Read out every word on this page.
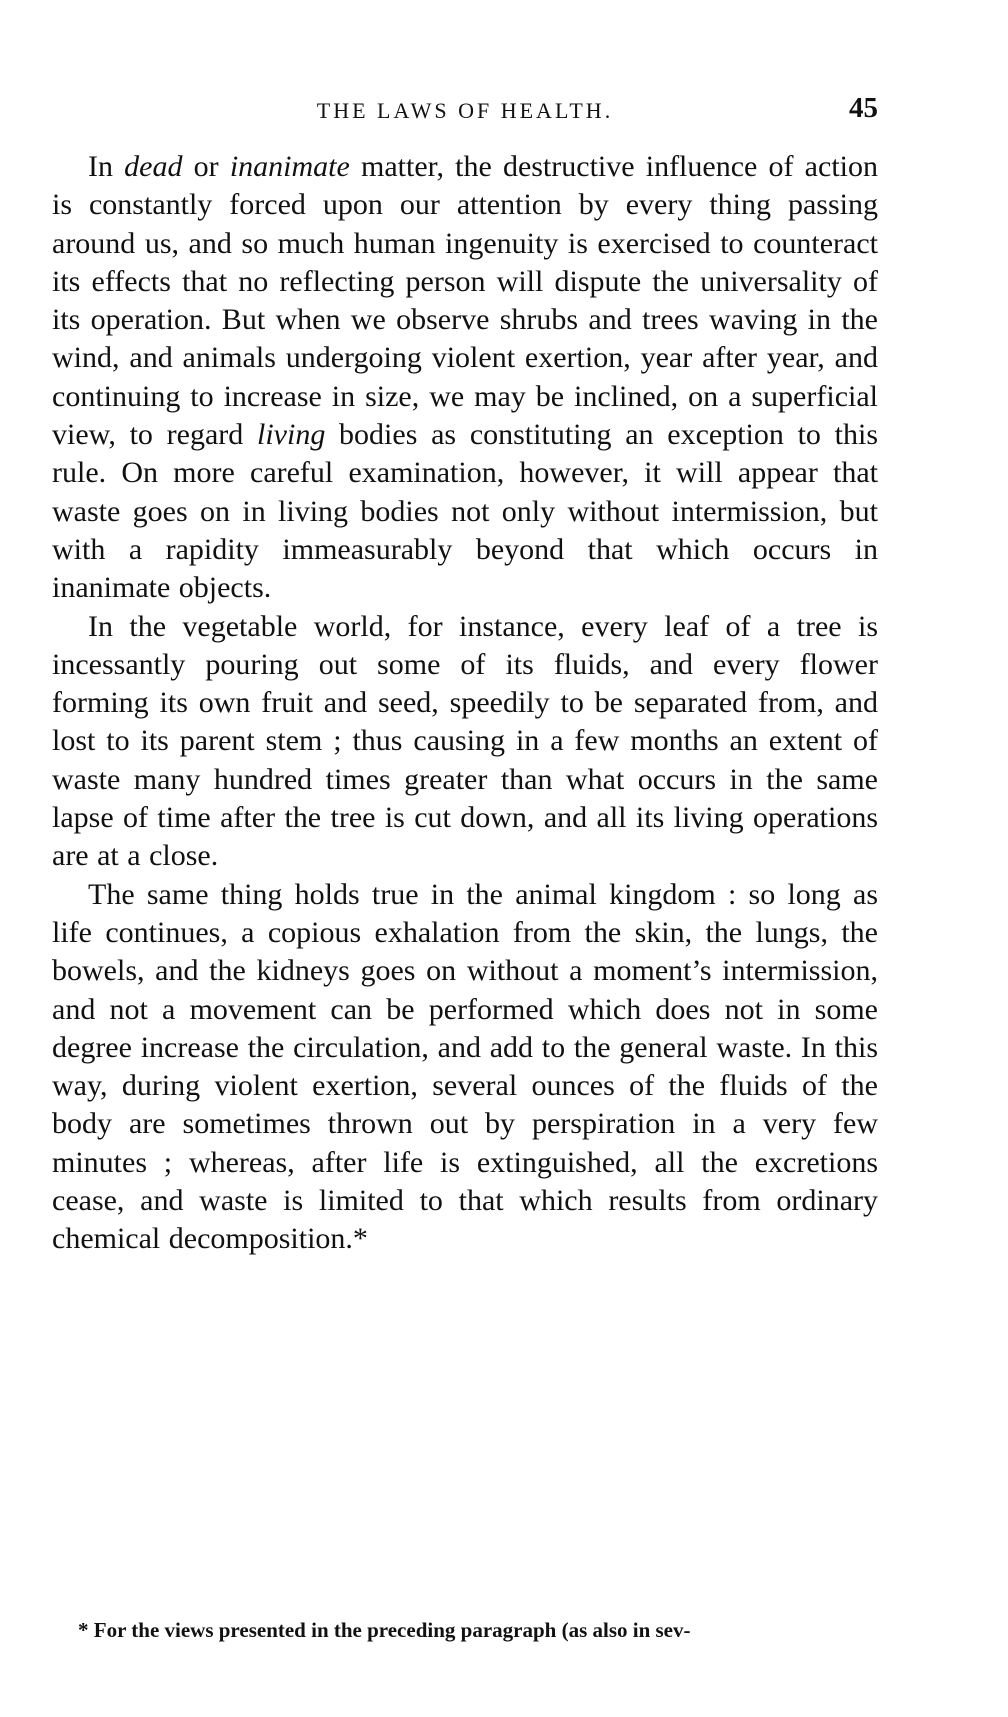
THE LAWS OF HEALTH.	45

In dead or inanimate matter, the destructive influence of action is constantly forced upon our attention by every thing passing around us, and so much human ingenuity is exercised to counteract its effects that no reflecting person will dispute the universality of its operation. But when we observe shrubs and trees waving in the wind, and animals undergoing violent exertion, year after year, and continuing to increase in size, we may be inclined, on a superficial view, to regard living bodies as constituting an exception to this rule. On more careful examination, however, it will appear that waste goes on in living bodies not only without intermission, but with a rapidity immeasurably beyond that which occurs in inanimate objects.

In the vegetable world, for instance, every leaf of a tree is incessantly pouring out some of its fluids, and every flower forming its own fruit and seed, speedily to be separated from, and lost to its parent stem ; thus causing in a few months an extent of waste many hundred times greater than what occurs in the same lapse of time after the tree is cut down, and all its living operations are at a close.

The same thing holds true in the animal kingdom : so long as life continues, a copious exhalation from the skin, the lungs, the bowels, and the kidneys goes on without a moment’s intermission, and not a movement can be performed which does not in some degree increase the circulation, and add to the general waste. In this way, during violent exertion, several ounces of the fluids of the body are sometimes thrown out by perspiration in a very few minutes ; whereas, after life is extinguished, all the excretions cease, and waste is limited to that which results from ordinary chemical decomposition.*

* For the views presented in the preceding paragraph (as also in sev-
